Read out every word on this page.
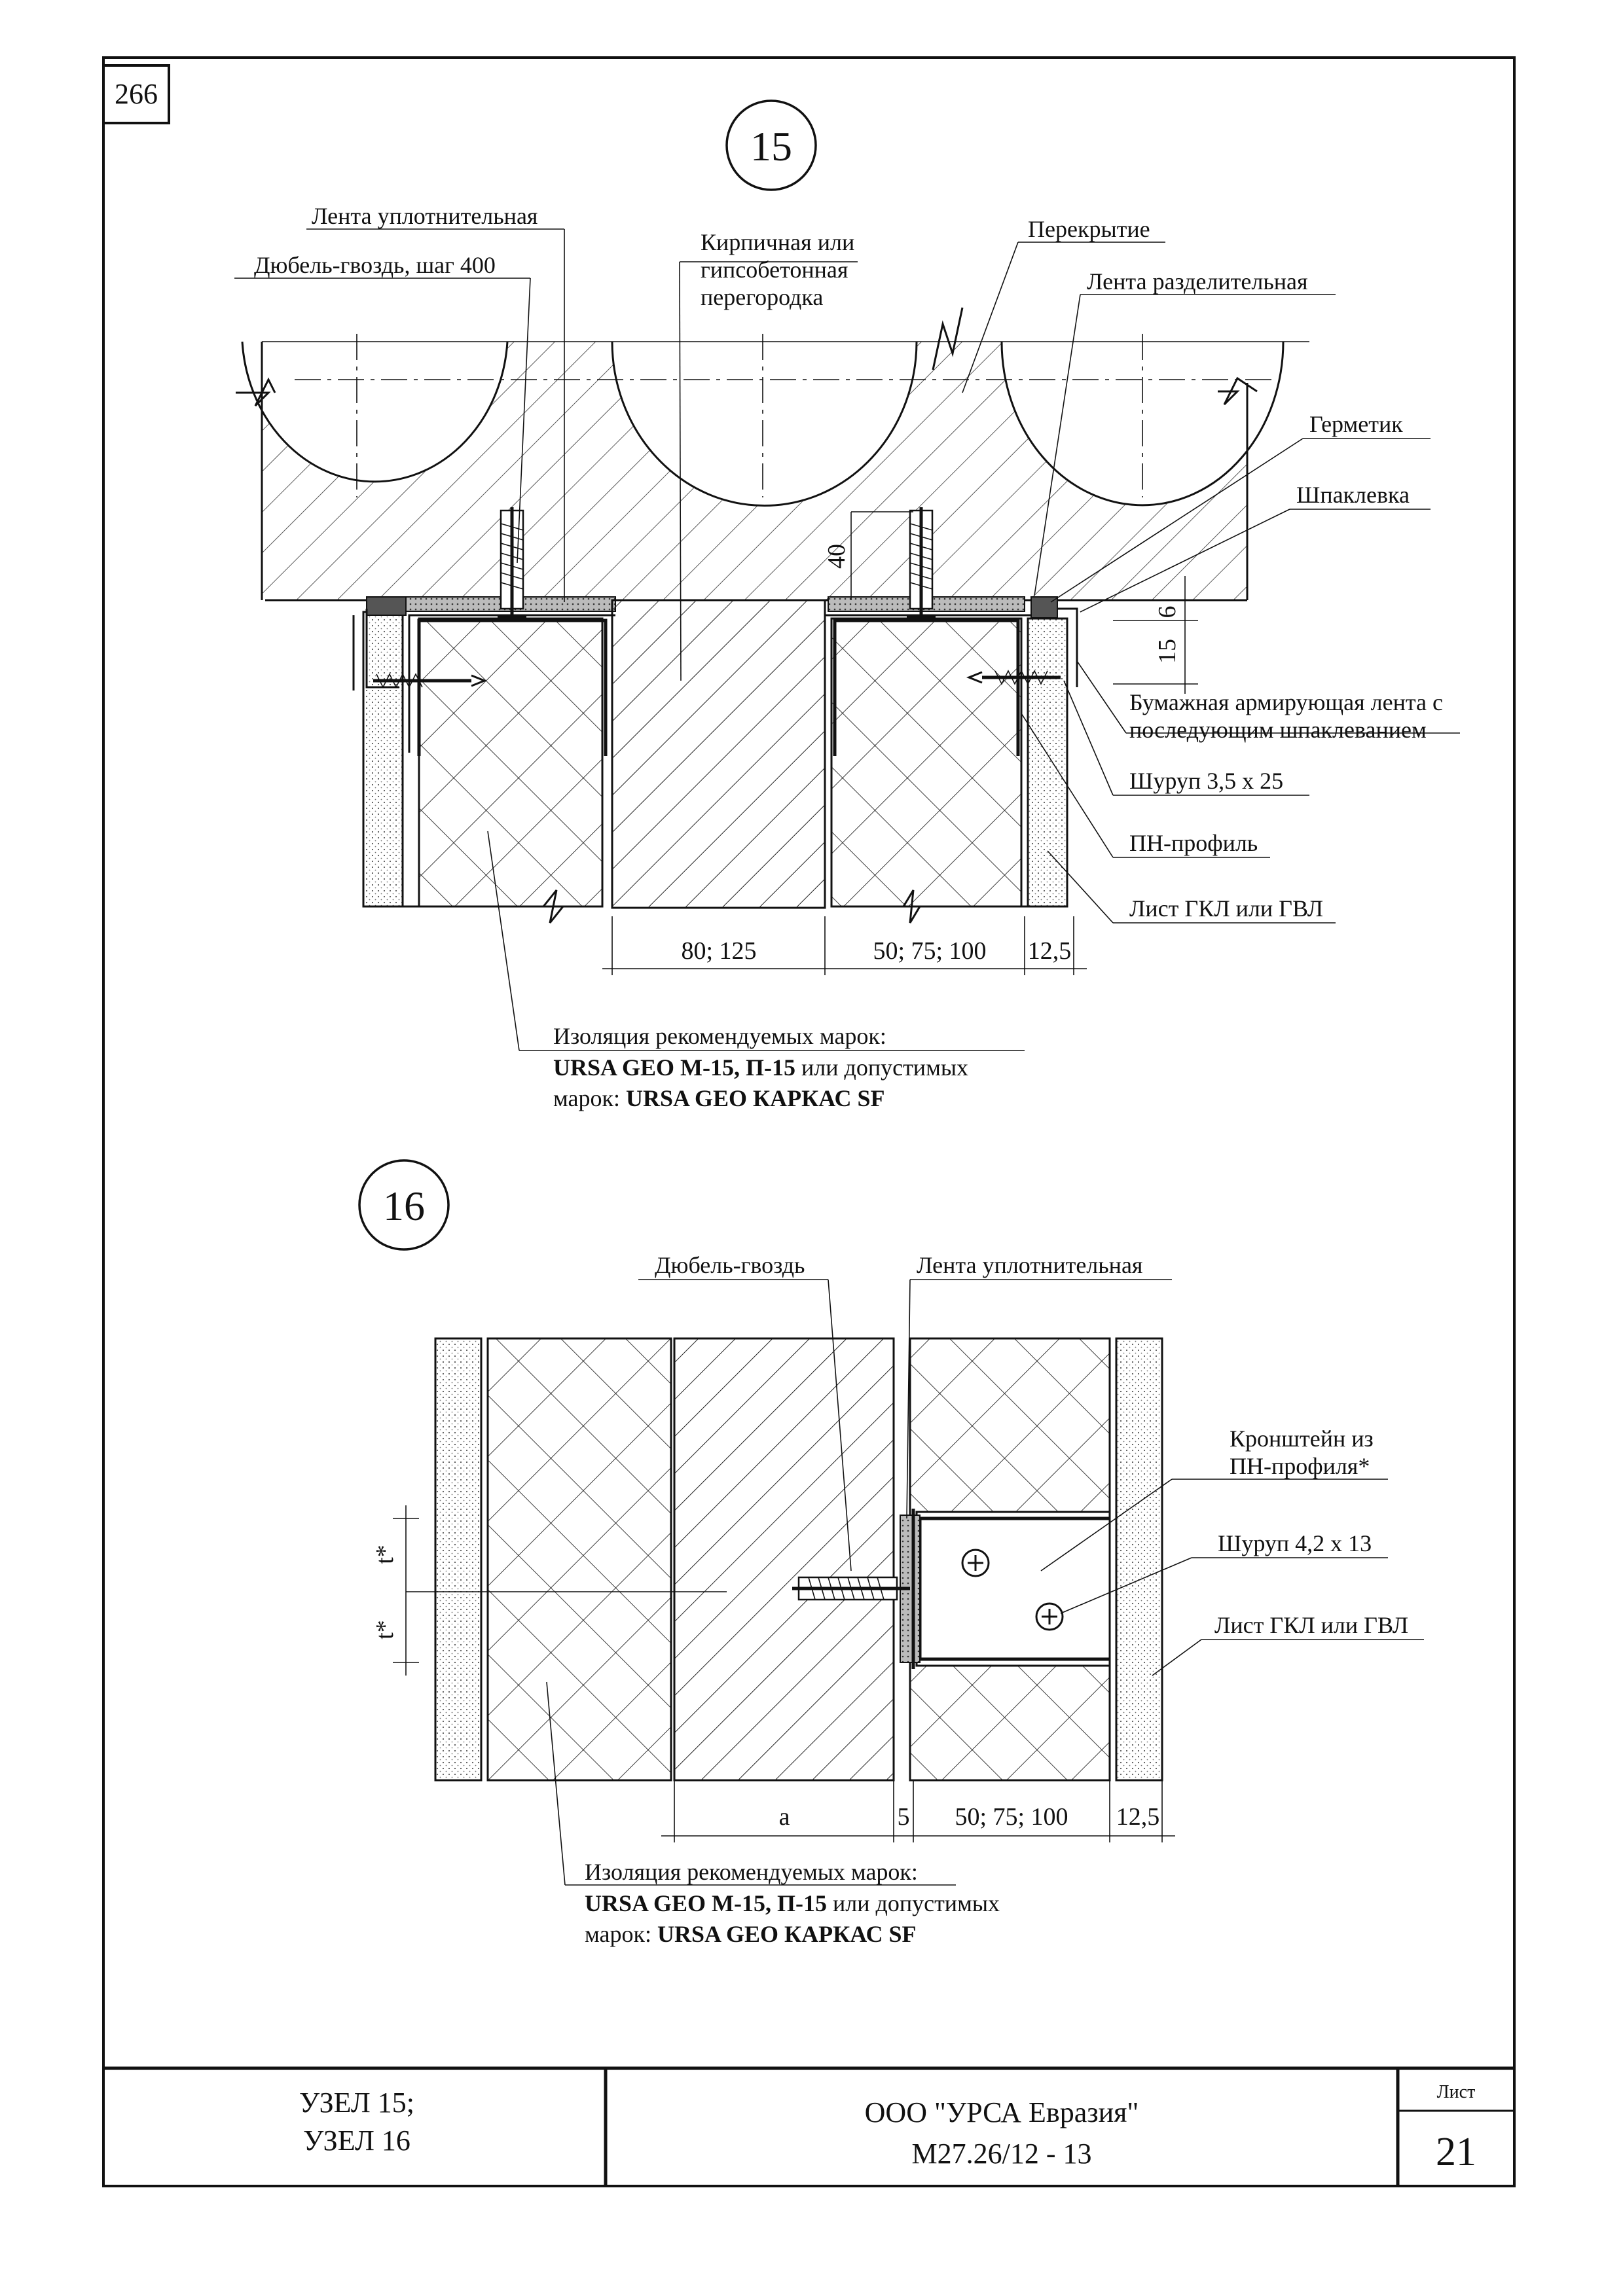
266
15
40
6
15
80; 125	50; 75; 100 12,5
Лента уплотнительная
Дюбель-гвоздь, шаг 400
Кирпичная или
гипсобетонная
перегородка
Перекрытие
Лента разделительная
Герметик
Шпаклевка
Бумажная армирующая лента с
последующим шпаклеванием
Шуруп 3,5 х 25
ПН-профиль
Лист ГКЛ или ГВЛ
Изоляция рекомендуемых марок:
URSA GEO М-15, П-15 или допустимых
марок: URSA GEO КАРКАС SF
16
t*
t*
a	5 50; 75; 100 12,5
Дюбель-гвоздь	Лента уплотнительная
Кронштейн из
ПН-профиля*
Шуруп 4,2 х 13
Лист ГКЛ или ГВЛ
Изоляция рекомендуемых марок:
URSA GEO М-15, П-15 или допустимых
марок: URSA GEO КАРКАС SF
УЗЕЛ 15;
УЗЕЛ 16
ООО "УРСА Евразия"
М27.26/12 - 13
Лист
21
